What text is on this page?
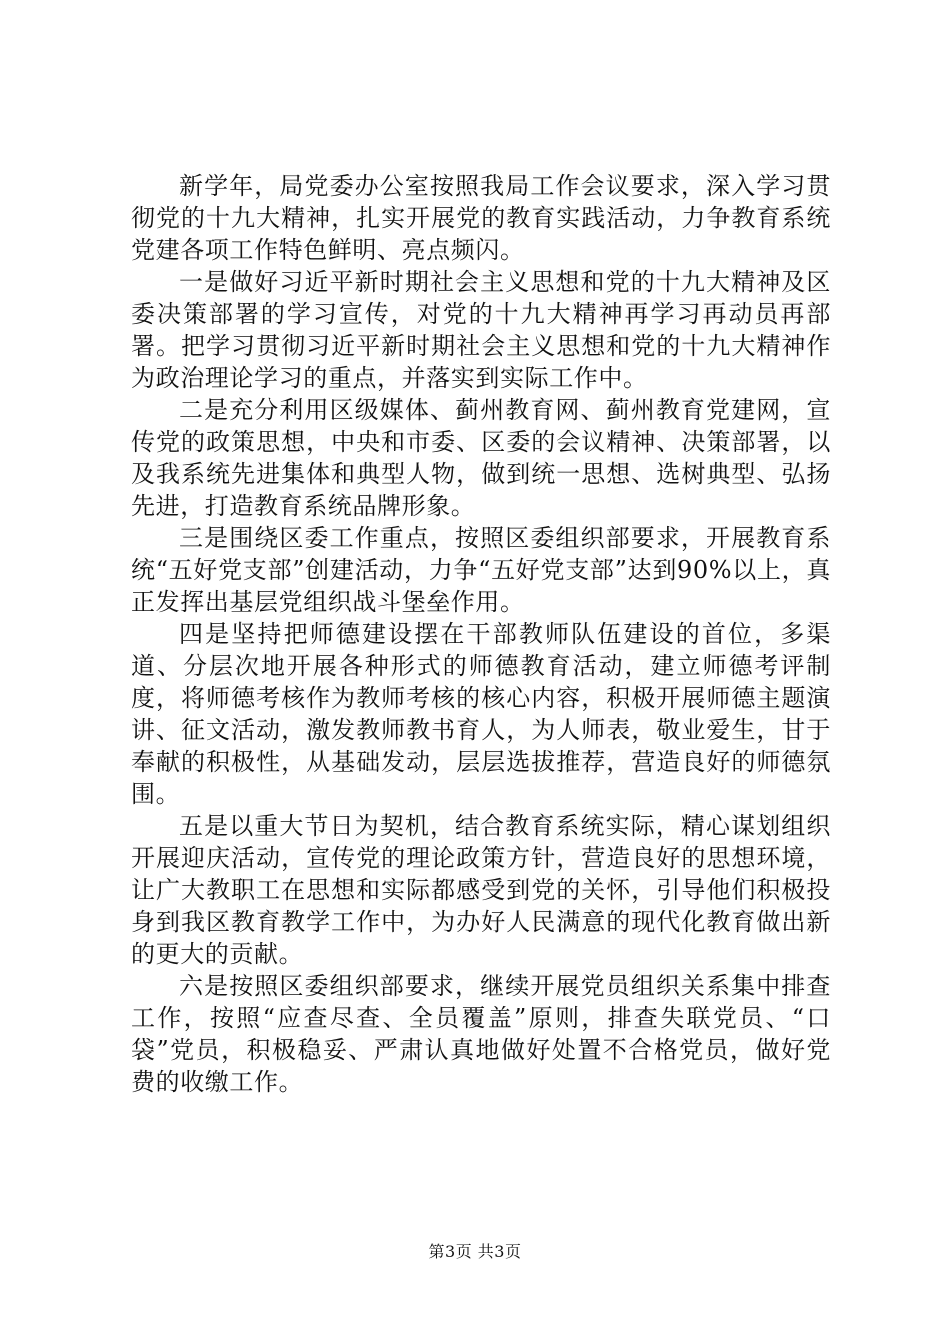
新学年，局党委办公室按照我局工作会议要求，深入学习贯彻党的十九大精神，扎实开展党的教育实践活动，力争教育系统党建各项工作特色鲜明、亮点频闪。

一是做好习近平新时期社会主义思想和党的十九大精神及区委决策部署的学习宣传，对党的十九大精神再学习再动员再部署。把学习贯彻习近平新时期社会主义思想和党的十九大精神作为政治理论学习的重点，并落实到实际工作中。

二是充分利用区级媒体、蓟州教育网、蓟州教育党建网，宣传党的政策思想，中央和市委、区委的会议精神、决策部署，以及我系统先进集体和典型人物，做到统一思想、选树典型、弘扬先进，打造教育系统品牌形象。

三是围绕区委工作重点，按照区委组织部要求，开展教育系统“五好党支部”创建活动，力争“五好党支部”达到90%以上，真正发挥出基层党组织战斗堡垒作用。

四是坚持把师德建设摆在干部教师队伍建设的首位，多渠道、分层次地开展各种形式的师德教育活动，建立师德考评制度，将师德考核作为教师考核的核心内容，积极开展师德主题演讲、征文活动，激发教师教书育人，为人师表，敬业爱生，甘于奉献的积极性，从基础发动，层层选拔推荐，营造良好的师德氛围。

五是以重大节日为契机，结合教育系统实际，精心谋划组织开展迎庆活动，宣传党的理论政策方针，营造良好的思想环境，让广大教职工在思想和实际都感受到党的关怀，引导他们积极投身到我区教育教学工作中，为办好人民满意的现代化教育做出新的更大的贡献。

六是按照区委组织部要求，继续开展党员组织关系集中排查工作，按照“应查尽查、全员覆盖”原则，排查失联党员、“口袋”党员，积极稳妥、严肃认真地做好处置不合格党员，做好党费的收缴工作。

第3页 共3页
